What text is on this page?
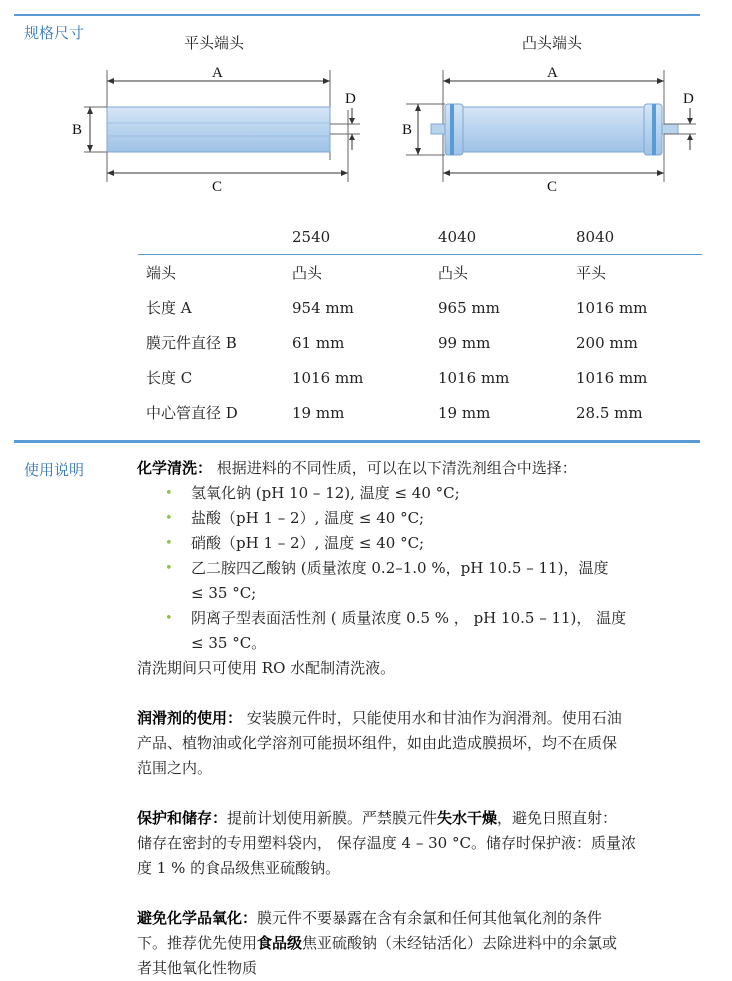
规格尺寸
平头端头	凸头端头
D
A
B
C
D
A
B
C
	2540	4040	8040
端头	凸头	凸头	平头
长度 A	954 mm	965 mm	1016 mm
膜元件直径 B	61 mm	99 mm	200 mm
长度 C	1016 mm	1016 mm	1016 mm
中心管直径 D	19 mm	19 mm	28.5 mm
使用说明	化学清洗： 根据进料的不同性质，可以在以下清洗剂组合中选择：

• 氢氧化钠 (pH 10 – 12), 温度 ≤ 40 °C;
• 盐酸（pH 1 – 2）, 温度 ≤ 40 °C;
• 硝酸（pH 1 – 2）, 温度 ≤ 40 °C;
• 乙二胺四乙酸钠 (质量浓度 0.2–1.0 %，pH 10.5 – 11)，温度
≤ 35 °C;
• 阴离子型表面活性剂 ( 质量浓度 0.5 % ， pH 10.5 – 11)， 温度
≤ 35 °C。

清洗期间只可使用 RO 水配制清洗液。

润滑剂的使用： 安装膜元件时，只能使用水和甘油作为润滑剂。使用石油
产品、植物油或化学溶剂可能损坏组件，如由此造成膜损坏，均不在质保
范围之内。

保护和储存：提前计划使用新膜。严禁膜元件失水干燥，避免日照直射：
储存在密封的专用塑料袋内， 保存温度 4 – 30 °C。储存时保护液：质量浓
度 1 % 的食品级焦亚硫酸钠。

避免化学品氧化：膜元件不要暴露在含有余氯和任何其他氧化剂的条件
下。推荐优先使用食品级焦亚硫酸钠（未经钴活化）去除进料中的余氯或
者其他氧化性物质
